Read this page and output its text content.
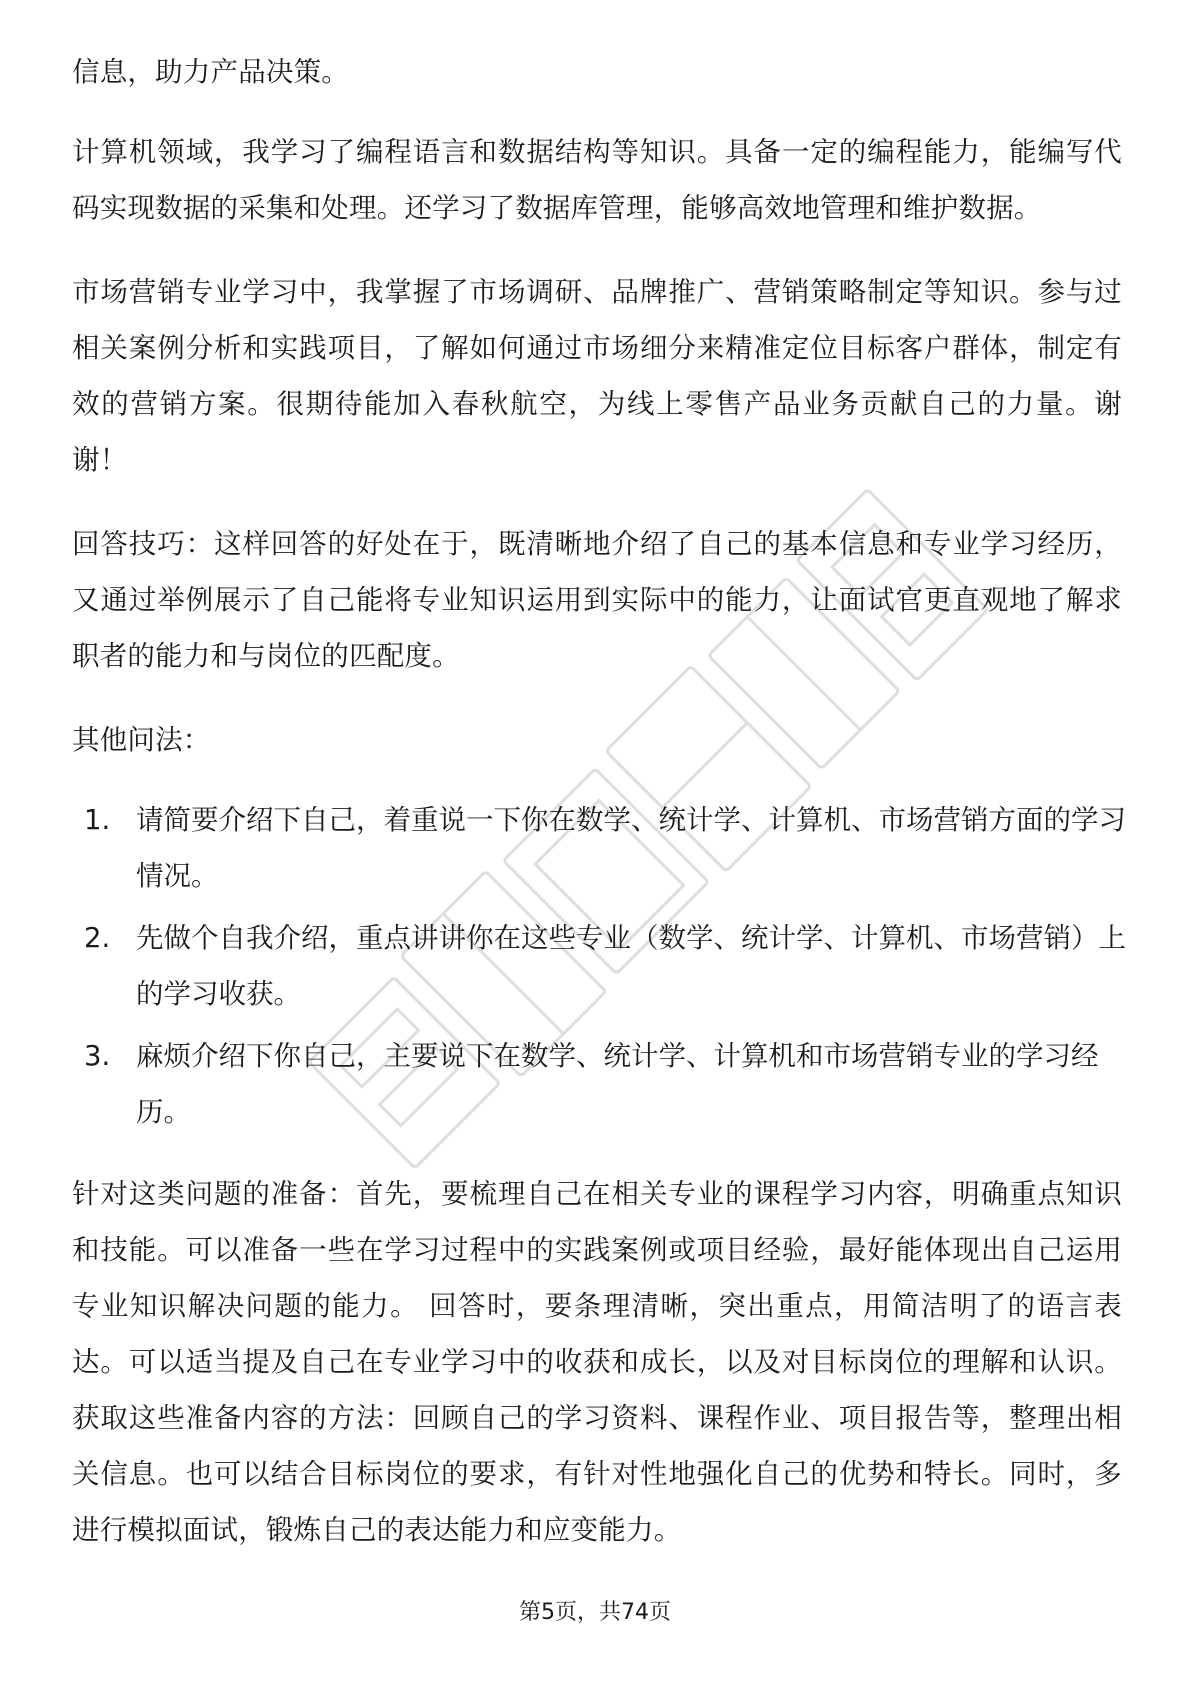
信息，助力产品决策。

计算机领域，我学习了编程语言和数据结构等知识。具备一定的编程能力，能编写代码实现数据的采集和处理。还学习了数据库管理，能够高效地管理和维护数据。

市场营销专业学习中，我掌握了市场调研、品牌推广、营销策略制定等知识。参与过相关案例分析和实践项目，了解如何通过市场细分来精准定位目标客户群体，制定有效的营销方案。很期待能加入春秋航空，为线上零售产品业务贡献自己的力量。谢谢！

回答技巧：这样回答的好处在于，既清晰地介绍了自己的基本信息和专业学习经历，又通过举例展示了自己能将专业知识运用到实际中的能力，让面试官更直观地了解求职者的能力和与岗位的匹配度。

其他问法：

1. 请简要介绍下自己，着重说一下你在数学、统计学、计算机、市场营销方面的学习情况。
2. 先做个自我介绍，重点讲讲你在这些专业（数学、统计学、计算机、市场营销）上的学习收获。
3. 麻烦介绍下你自己，主要说下在数学、统计学、计算机和市场营销专业的学习经历。

针对这类问题的准备：首先，要梳理自己在相关专业的课程学习内容，明确重点知识和技能。可以准备一些在学习过程中的实践案例或项目经验，最好能体现出自己运用专业知识解决问题的能力。 回答时，要条理清晰，突出重点，用简洁明了的语言表达。可以适当提及自己在专业学习中的收获和成长，以及对目标岗位的理解和认识。 获取这些准备内容的方法：回顾自己的学习资料、课程作业、项目报告等，整理出相关信息。也可以结合目标岗位的要求，有针对性地强化自己的优势和特长。同时，多进行模拟面试，锻炼自己的表达能力和应变能力。

第5页，共74页
